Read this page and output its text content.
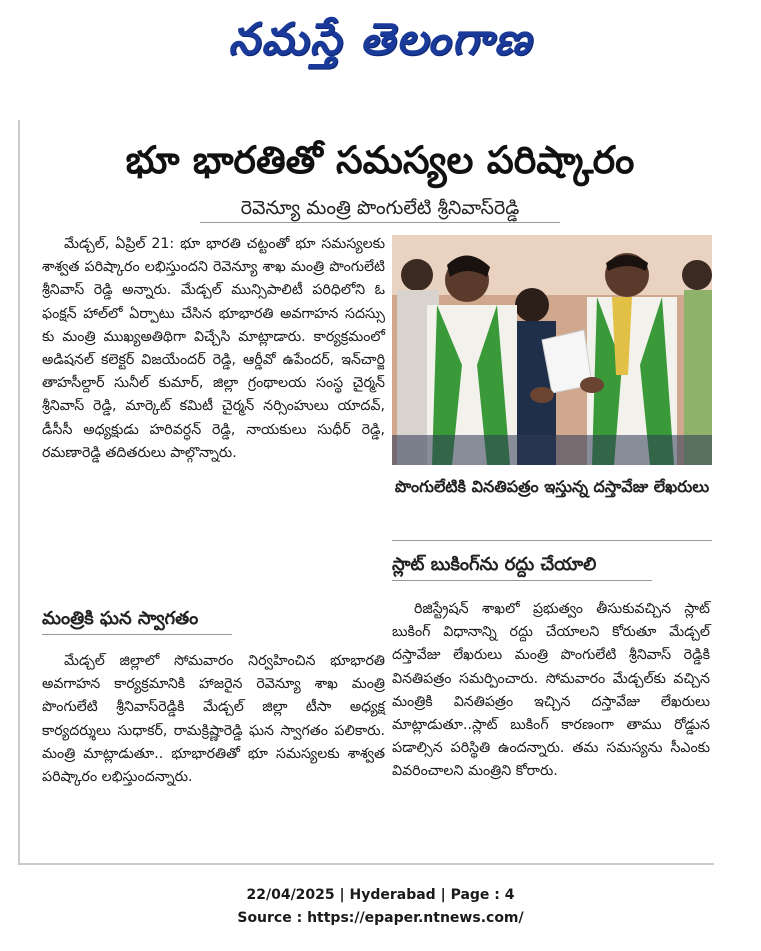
నమస్తే తెలంగాణ
భూ భారతితో సమస్యల పరిష్కారం
రెవెన్యూ మంత్రి పొంగులేటి శ్రీనివాస్‌రెడ్డి

మేడ్చల్, ఏప్రిల్ 21: భూ భారతి చట్టంతో భూ సమస్యలకు శాశ్వత పరిష్కారం లభిస్తుందని రెవెన్యూ శాఖ మంత్రి పొంగులేటి శ్రీనివాస్ రెడ్డి అన్నారు. మేడ్చల్ మున్సిపాలిటీ పరిధిలోని ఓ ఫంక్షన్ హాల్‌లో ఏర్పాటు చేసిన భూభారతి అవగాహన సదస్సు కు మంత్రి ముఖ్యఅతిథిగా విచ్చేసి మాట్లాడారు. కార్యక్రమంలో అడిషనల్ కలెక్టర్ విజయేందర్ రెడ్డి, ఆర్డీవో ఉపేందర్, ఇన్‌చార్జి తాహసీల్దార్ సునీల్ కుమార్, జిల్లా గ్రంథాలయ సంస్థ చైర్మన్ శ్రీనివాస్ రెడ్డి, మార్కెట్ కమిటీ చైర్మన్ నర్సింహులు యాదవ్, డీసీసీ అధ్యక్షుడు హరివర్ధన్ రెడ్డి, నాయకులు సుధీర్ రెడ్డి, రమణారెడ్డి తదితరులు పాల్గొన్నారు.

మంత్రికి ఘన స్వాగతం

మేడ్చల్ జిల్లాలో సోమవారం నిర్వహించిన భూభారతి అవగాహన కార్యక్రమానికి హాజరైన రెవెన్యూ శాఖ మంత్రి పొంగులేటి శ్రీనివాస్‌రెడ్డికి మేడ్చల్ జిల్లా టీసా అధ్యక్ష కార్యదర్శులు సుధాకర్, రామక్రిష్ణారెడ్డి ఘన స్వాగతం పలికారు. మంత్రి మాట్లాడుతూ.. భూభారతితో భూ సమస్యలకు శాశ్వత పరిష్కారం లభిస్తుందన్నారు.

పొంగులేటికి వినతిపత్రం ఇస్తున్న దస్తావేజు లేఖరులు
స్లాట్ బుకింగ్‌ను రద్దు చేయాలి

రిజిస్ట్రేషన్ శాఖలో ప్రభుత్వం తీసుకువచ్చిన స్లాట్ బుకింగ్ విధానాన్ని రద్దు చేయాలని కోరుతూ మేడ్చల్ దస్తావేజు లేఖరులు మంత్రి పొంగులేటి శ్రీనివాస్ రెడ్డికి వినతిపత్రం సమర్పించారు. సోమవారం మేడ్చల్‌కు వచ్చిన మంత్రికి వినతిపత్రం ఇచ్చిన దస్తావేజు లేఖరులు మాట్లాడుతూ..స్లాట్ బుకింగ్ కారణంగా తాము రోడ్డున పడాల్సిన పరిస్థితి ఉందన్నారు. తమ సమస్యను సీఎంకు వివరించాలని మంత్రిని కోరారు.

22/04/2025 | Hyderabad | Page : 4
Source : https://epaper.ntnews.com/
